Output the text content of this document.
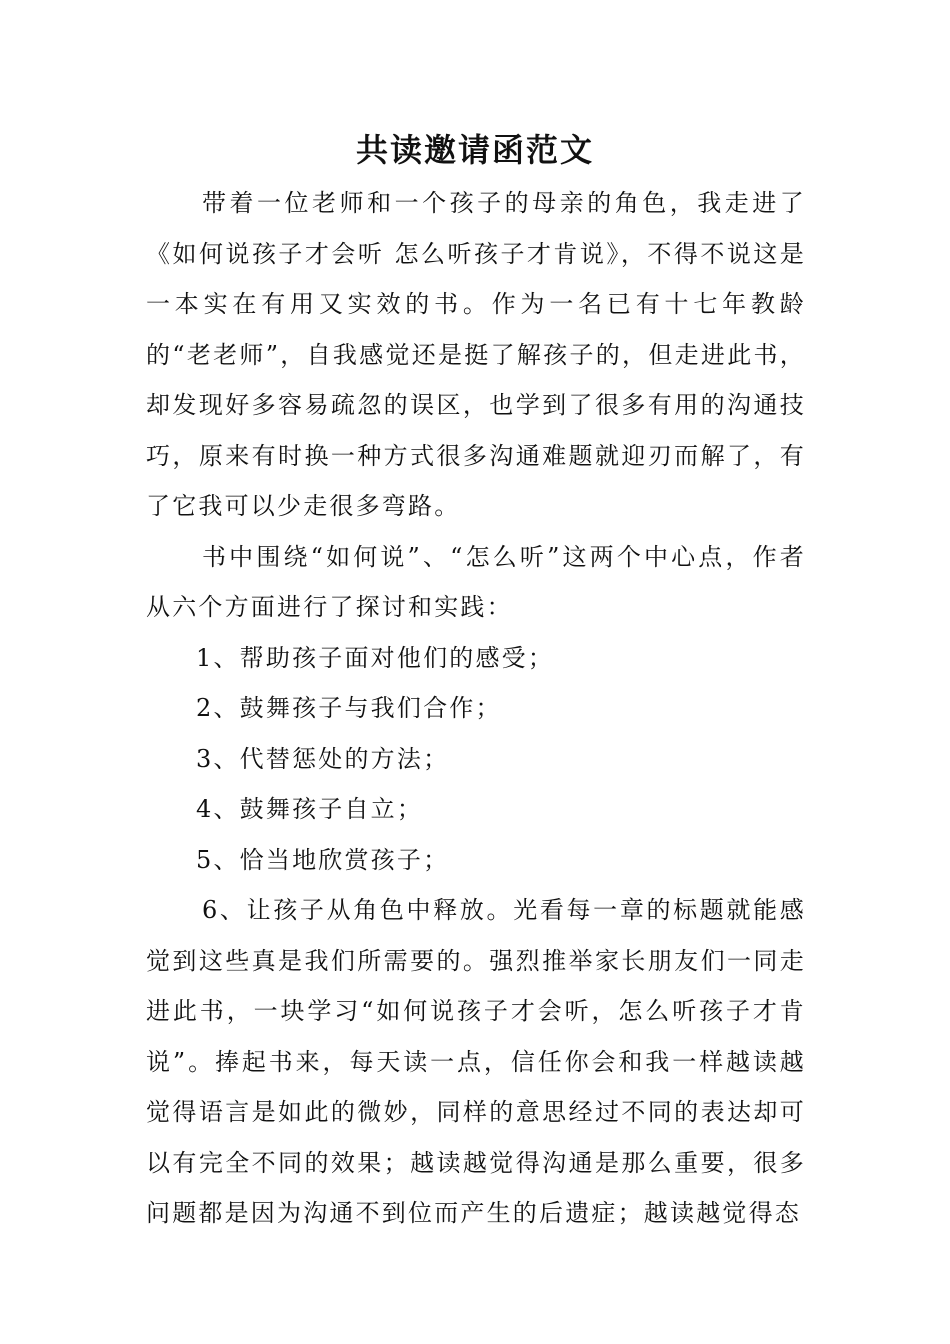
共读邀请函范文

带着一位老师和一个孩子的母亲的角色，我走进了《如何说孩子才会听 怎么听孩子才肯说》，不得不说这是一本实在有用又实效的书。作为一名已有十七年教龄的“老老师”，自我感觉还是挺了解孩子的，但走进此书，却发现好多容易疏忽的误区，也学到了很多有用的沟通技巧，原来有时换一种方式很多沟通难题就迎刃而解了，有了它我可以少走很多弯路。

书中围绕“如何说”、“怎么听”这两个中心点，作者从六个方面进行了探讨和实践：

1、帮助孩子面对他们的感受；

2、鼓舞孩子与我们合作；

3、代替惩处的方法；

4、鼓舞孩子自立；

5、恰当地欣赏孩子；

6、让孩子从角色中释放。光看每一章的标题就能感觉到这些真是我们所需要的。强烈推举家长朋友们一同走进此书，一块学习“如何说孩子才会听，怎么听孩子才肯说”。捧起书来，每天读一点，信任你会和我一样越读越觉得语言是如此的微妙，同样的意思经过不同的表达却可以有完全不同的效果；越读越觉得沟通是那么重要，很多问题都是因为沟通不到位而产生的后遗症；越读越觉得态
